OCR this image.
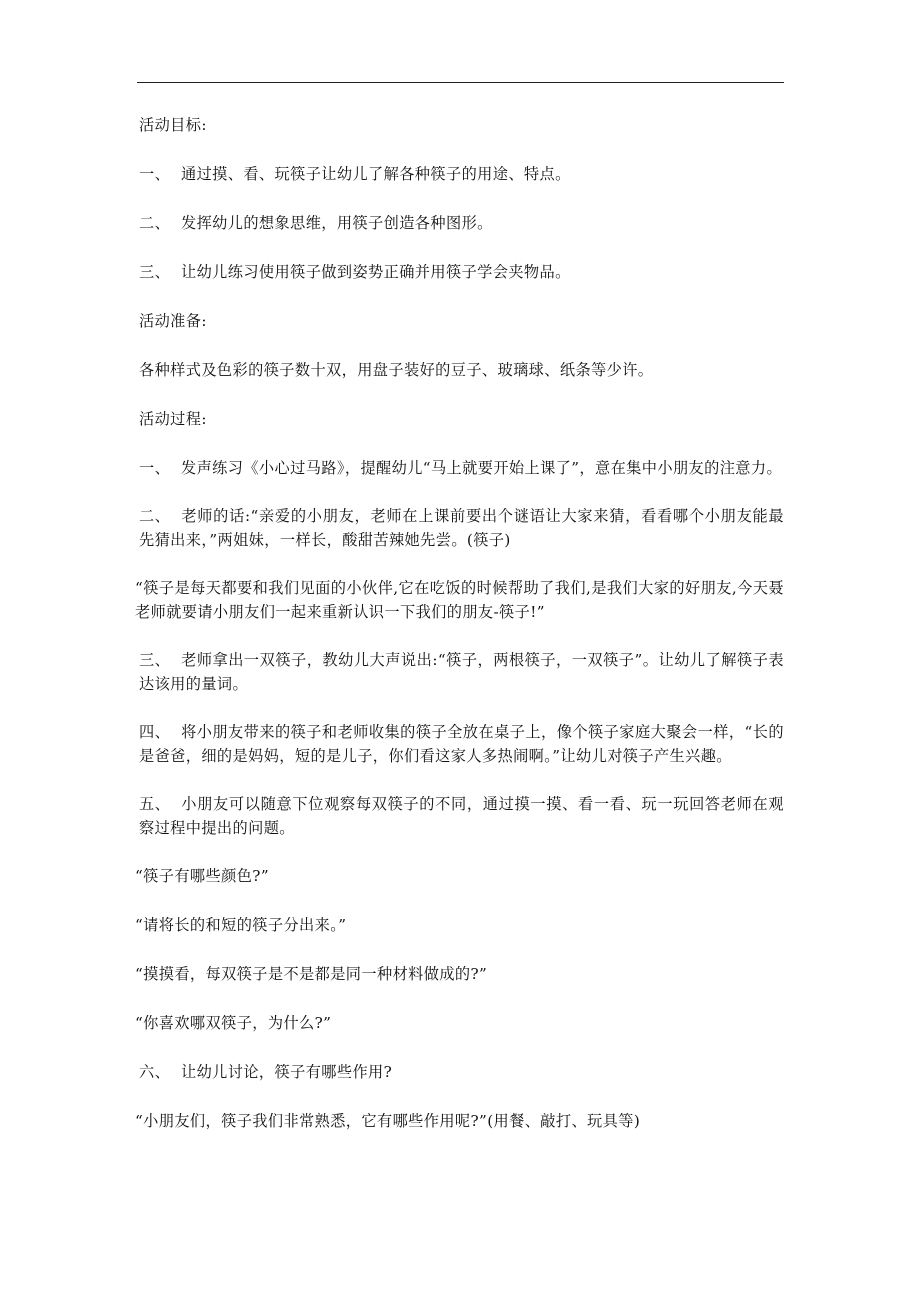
活动目标:

一、 通过摸、看、玩筷子让幼儿了解各种筷子的用途、特点。

二、 发挥幼儿的想象思维，用筷子创造各种图形。

三、 让幼儿练习使用筷子做到姿势正确并用筷子学会夹物品。

活动准备:

各种样式及色彩的筷子数十双，用盘子装好的豆子、玻璃球、纸条等少许。

活动过程:

一、 发声练习《小心过马路》，提醒幼儿“马上就要开始上课了”，意在集中小朋友的注意力。

二、 老师的话:“亲爱的小朋友，老师在上课前要出个谜语让大家来猜，看看哪个小朋友能最先猜出来，”两姐妹，一样长，酸甜苦辣她先尝。(筷子)

“筷子是每天都要和我们见面的小伙伴,它在吃饭的时候帮助了我们,是我们大家的好朋友,今天聂老师就要请小朋友们一起来重新认识一下我们的朋友-筷子!”

三、 老师拿出一双筷子，教幼儿大声说出:“筷子，两根筷子，一双筷子”。让幼儿了解筷子表达该用的量词。

四、 将小朋友带来的筷子和老师收集的筷子全放在桌子上，像个筷子家庭大聚会一样，“长的是爸爸，细的是妈妈，短的是儿子，你们看这家人多热闹啊。”让幼儿对筷子产生兴趣。

五、 小朋友可以随意下位观察每双筷子的不同，通过摸一摸、看一看、玩一玩回答老师在观察过程中提出的问题。

“筷子有哪些颜色?”

“请将长的和短的筷子分出来。”

“摸摸看，每双筷子是不是都是同一种材料做成的?”

“你喜欢哪双筷子，为什么?”

六、 让幼儿讨论，筷子有哪些作用?

“小朋友们，筷子我们非常熟悉，它有哪些作用呢?”(用餐、敲打、玩具等)
